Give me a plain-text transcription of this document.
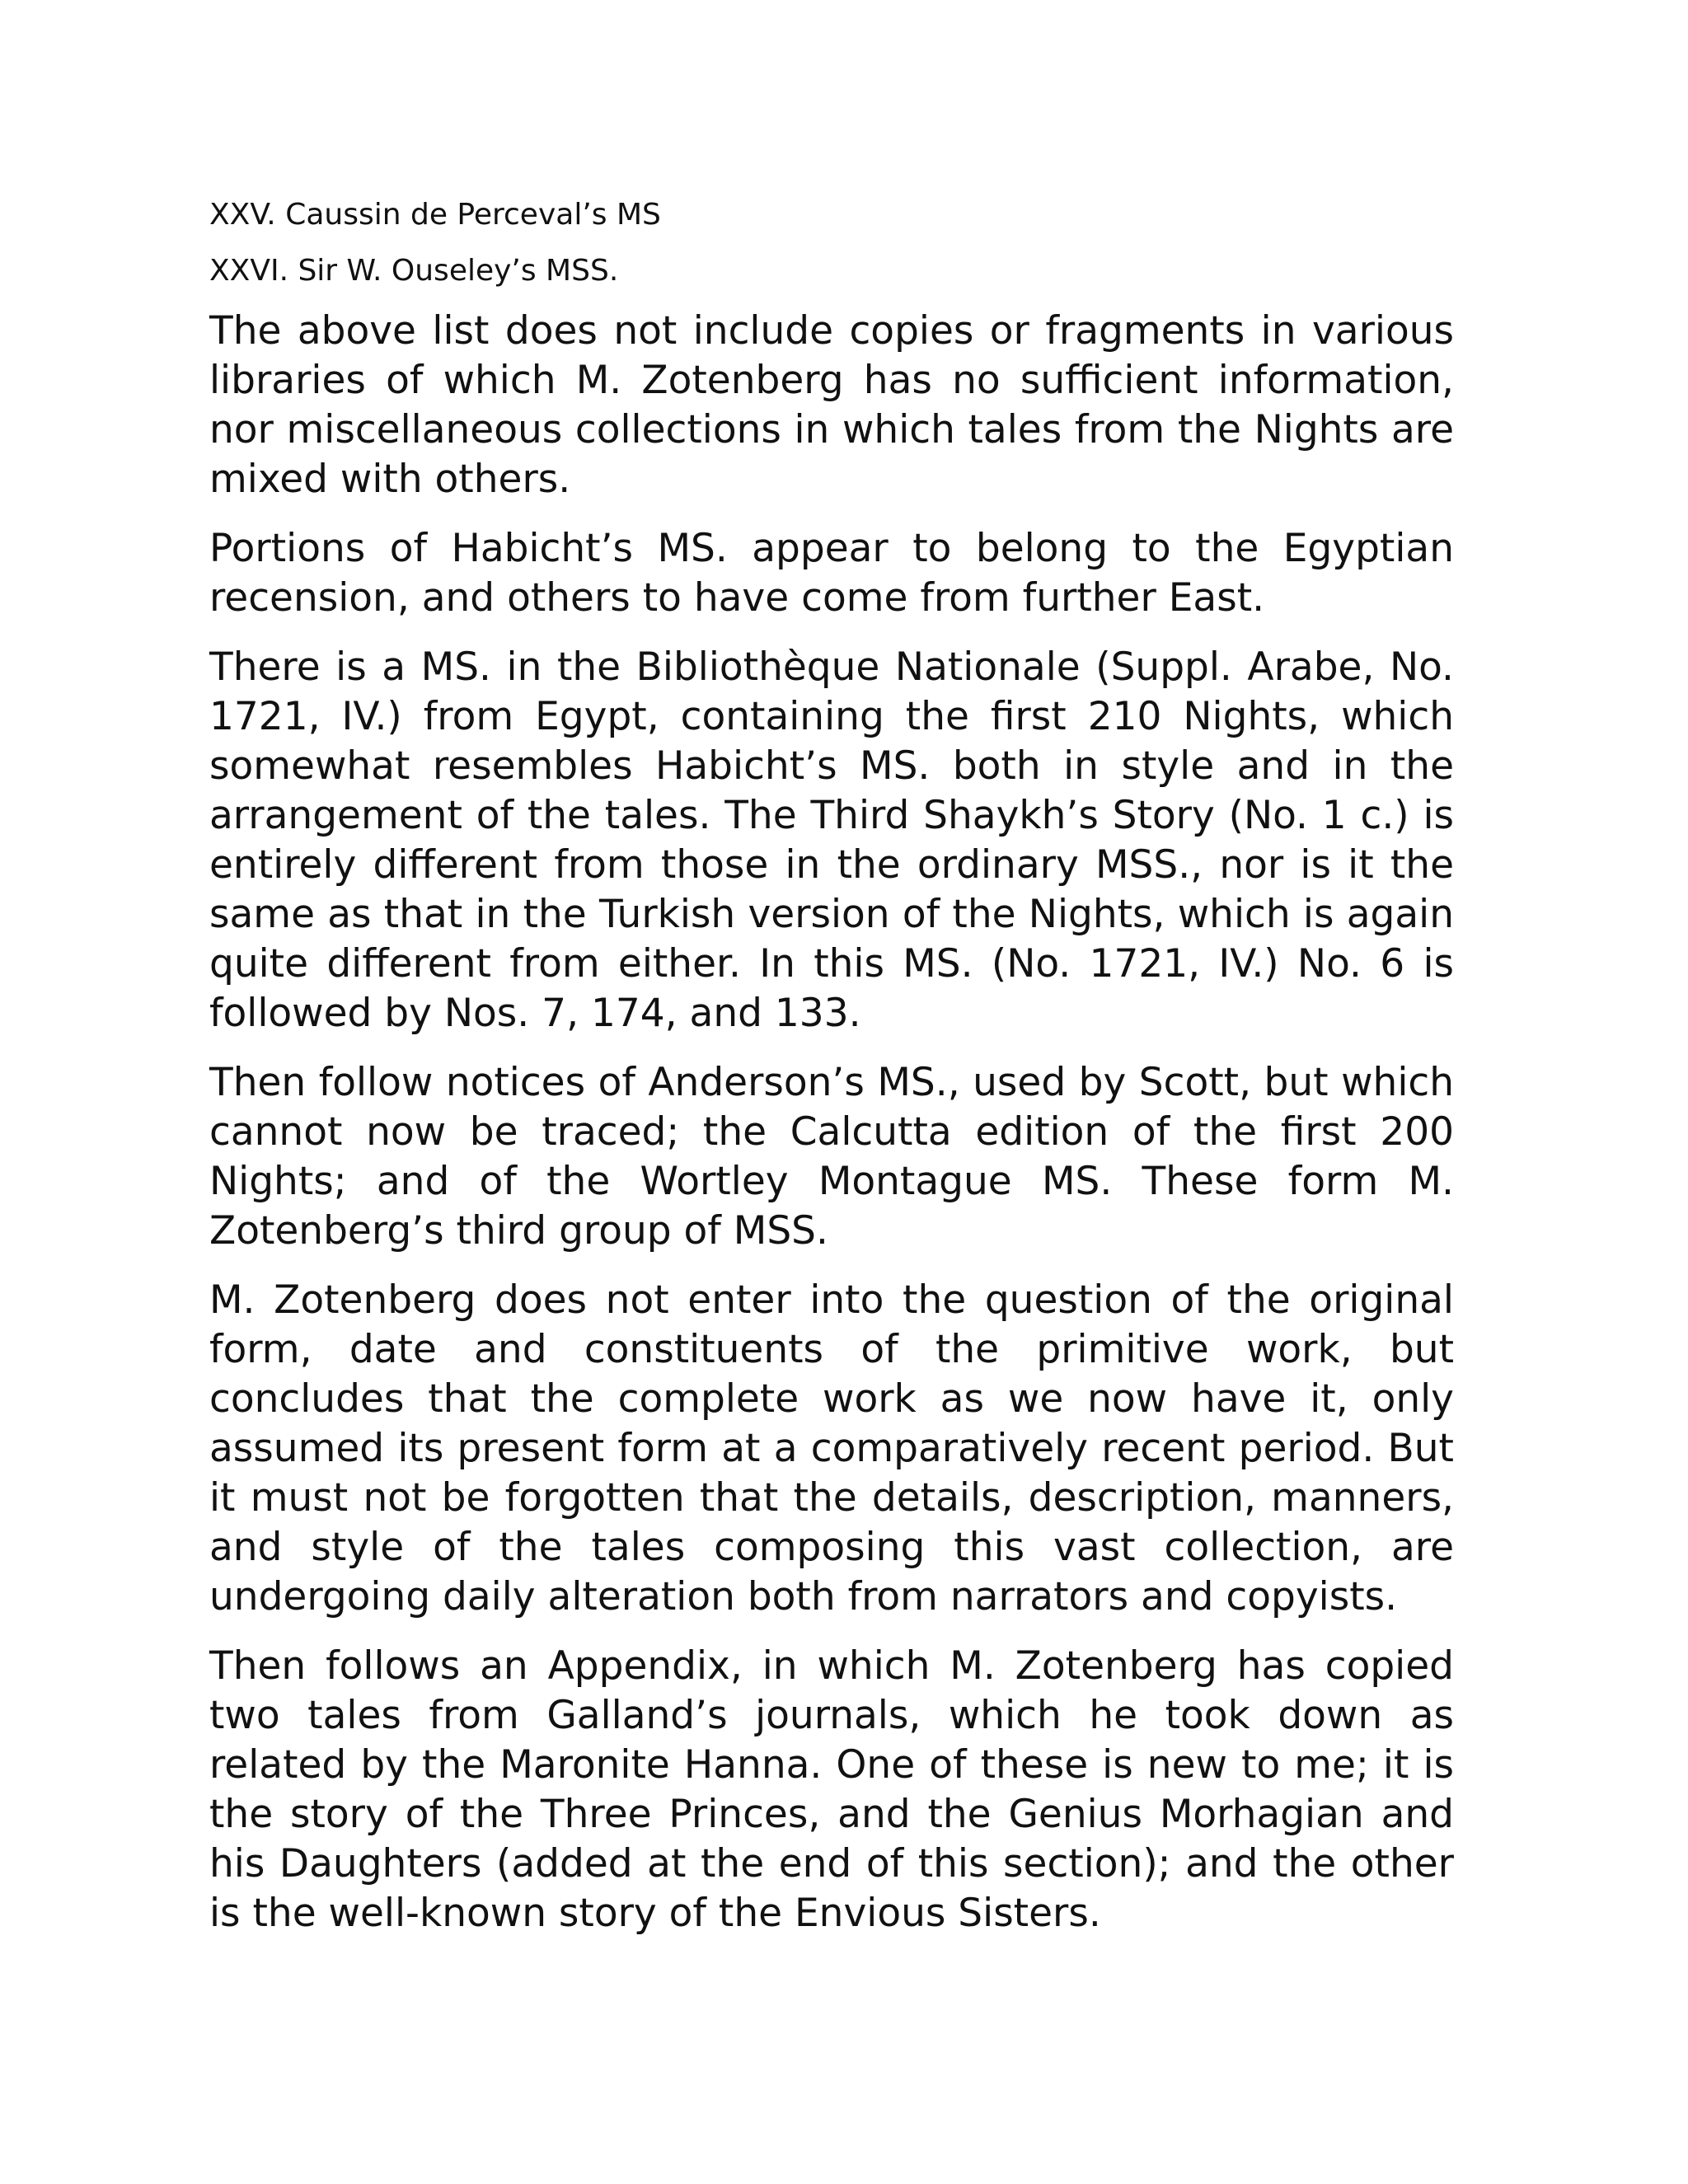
XXV. Caussin de Perceval’s MS

XXVI. Sir W. Ouseley’s MSS.

The above list does not include copies or fragments in various libraries of which M. Zotenberg has no sufficient information, nor miscellaneous collections in which tales from the Nights are mixed with others.

Portions of Habicht’s MS. appear to belong to the Egyptian recension, and others to have come from further East.

There is a MS. in the Bibliothèque Nationale (Suppl. Arabe, No. 1721, IV.) from Egypt, containing the first 210 Nights, which somewhat resembles Habicht’s MS. both in style and in the arrangement of the tales. The Third Shaykh’s Story (No. 1 c.) is entirely different from those in the ordinary MSS., nor is it the same as that in the Turkish version of the Nights, which is again quite different from either. In this MS. (No. 1721, IV.) No. 6 is followed by Nos. 7, 174, and 133.

Then follow notices of Anderson’s MS., used by Scott, but which cannot now be traced; the Calcutta edition of the first 200 Nights; and of the Wortley Montague MS. These form M. Zotenberg’s third group of MSS.

M. Zotenberg does not enter into the question of the original form, date and constituents of the primitive work, but concludes that the complete work as we now have it, only assumed its present form at a comparatively recent period. But it must not be forgotten that the details, description, manners, and style of the tales composing this vast collection, are undergoing daily alteration both from narrators and copyists.

Then follows an Appendix, in which M. Zotenberg has copied two tales from Galland’s journals, which he took down as related by the Maronite Hanna. One of these is new to me; it is the story of the Three Princes, and the Genius Morhagian and his Daughters (added at the end of this section); and the other is the well-known story of the Envious Sisters.
